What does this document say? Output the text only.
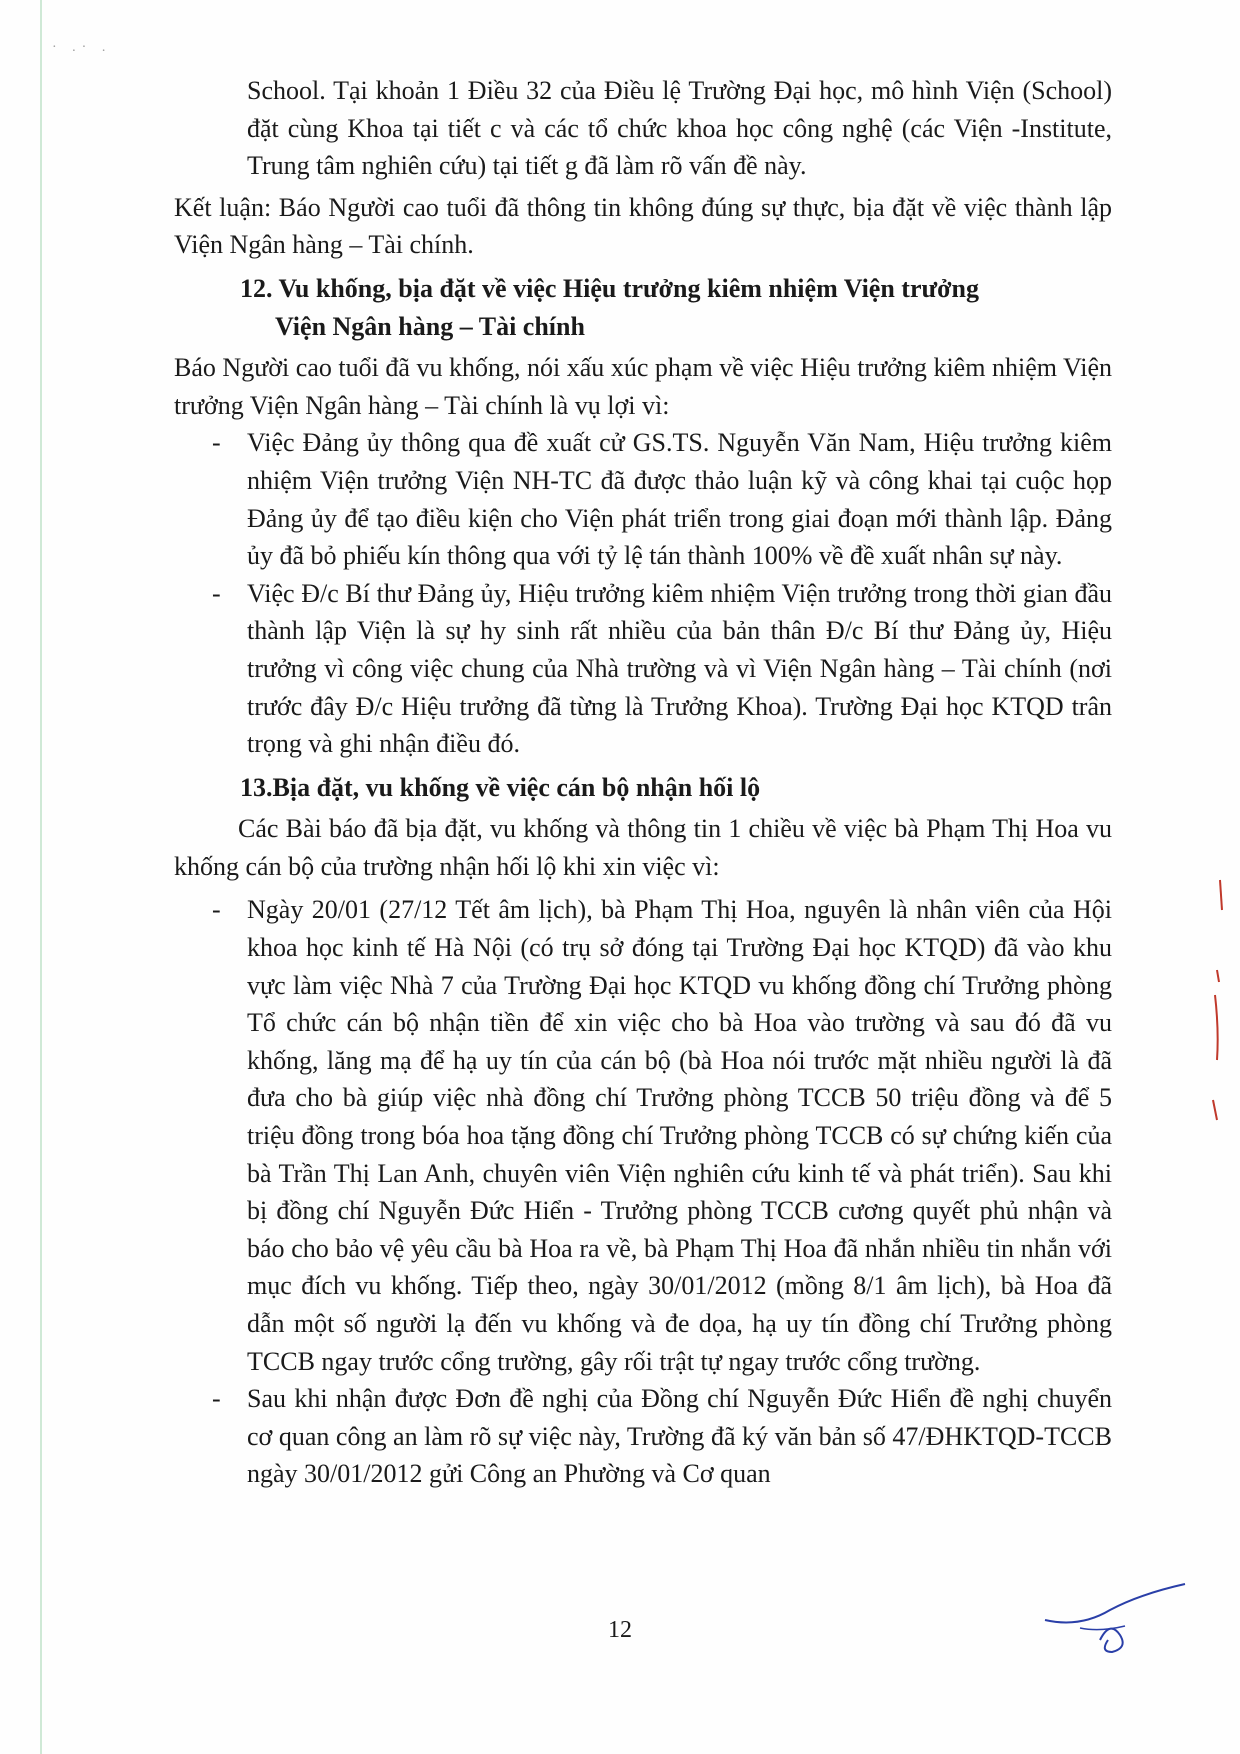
· .· .

School. Tại khoản 1 Điều 32 của Điều lệ Trường Đại học, mô hình Viện (School) đặt cùng Khoa tại tiết c và các tổ chức khoa học công nghệ (các Viện -Institute, Trung tâm nghiên cứu) tại tiết g đã làm rõ vấn đề này.

Kết luận: Báo Người cao tuổi đã thông tin không đúng sự thực, bịa đặt về việc thành lập Viện Ngân hàng – Tài chính.

12. Vu khống, bịa đặt về việc Hiệu trưởng kiêm nhiệm Viện trưởng
Viện Ngân hàng – Tài chính

Báo Người cao tuổi đã vu khống, nói xấu xúc phạm về việc Hiệu trưởng kiêm nhiệm Viện trưởng Viện Ngân hàng – Tài chính là vụ lợi vì:

- Việc Đảng ủy thông qua đề xuất cử GS.TS. Nguyễn Văn Nam, Hiệu trưởng kiêm nhiệm Viện trưởng Viện NH-TC đã được thảo luận kỹ và công khai tại cuộc họp Đảng ủy để tạo điều kiện cho Viện phát triển trong giai đoạn mới thành lập. Đảng ủy đã bỏ phiếu kín thông qua với tỷ lệ tán thành 100% về đề xuất nhân sự này.
- Việc Đ/c Bí thư Đảng ủy, Hiệu trưởng kiêm nhiệm Viện trưởng trong thời gian đầu thành lập Viện là sự hy sinh rất nhiều của bản thân Đ/c Bí thư Đảng ủy, Hiệu trưởng vì công việc chung của Nhà trường và vì Viện Ngân hàng – Tài chính (nơi trước đây Đ/c Hiệu trưởng đã từng là Trưởng Khoa). Trường Đại học KTQD trân trọng và ghi nhận điều đó.
13.Bịa đặt, vu khống về việc cán bộ nhận hối lộ

Các Bài báo đã bịa đặt, vu khống và thông tin 1 chiều về việc bà Phạm Thị Hoa vu khống cán bộ của trường nhận hối lộ khi xin việc vì:

- Ngày 20/01 (27/12 Tết âm lịch), bà Phạm Thị Hoa, nguyên là nhân viên của Hội khoa học kinh tế Hà Nội (có trụ sở đóng tại Trường Đại học KTQD) đã vào khu vực làm việc Nhà 7 của Trường Đại học KTQD vu khống đồng chí Trưởng phòng Tổ chức cán bộ nhận tiền để xin việc cho bà Hoa vào trường và sau đó đã vu khống, lăng mạ để hạ uy tín của cán bộ (bà Hoa nói trước mặt nhiều người là đã đưa cho bà giúp việc nhà đồng chí Trưởng phòng TCCB 50 triệu đồng và để 5 triệu đồng trong bóa hoa tặng đồng chí Trưởng phòng TCCB có sự chứng kiến của bà Trần Thị Lan Anh, chuyên viên Viện nghiên cứu kinh tế và phát triển). Sau khi bị đồng chí Nguyễn Đức Hiển - Trưởng phòng TCCB cương quyết phủ nhận và báo cho bảo vệ yêu cầu bà Hoa ra về, bà Phạm Thị Hoa đã nhắn nhiều tin nhắn với mục đích vu khống. Tiếp theo, ngày 30/01/2012 (mồng 8/1 âm lịch), bà Hoa đã dẫn một số người lạ đến vu khống và đe dọa, hạ uy tín đồng chí Trưởng phòng TCCB ngay trước cổng trường, gây rối trật tự ngay trước cổng trường.
- Sau khi nhận được Đơn đề nghị của Đồng chí Nguyễn Đức Hiển đề nghị chuyển cơ quan công an làm rõ sự việc này, Trường đã ký văn bản số 47/ĐHKTQD-TCCB ngày 30/01/2012 gửi Công an Phường và Cơ quan
12
